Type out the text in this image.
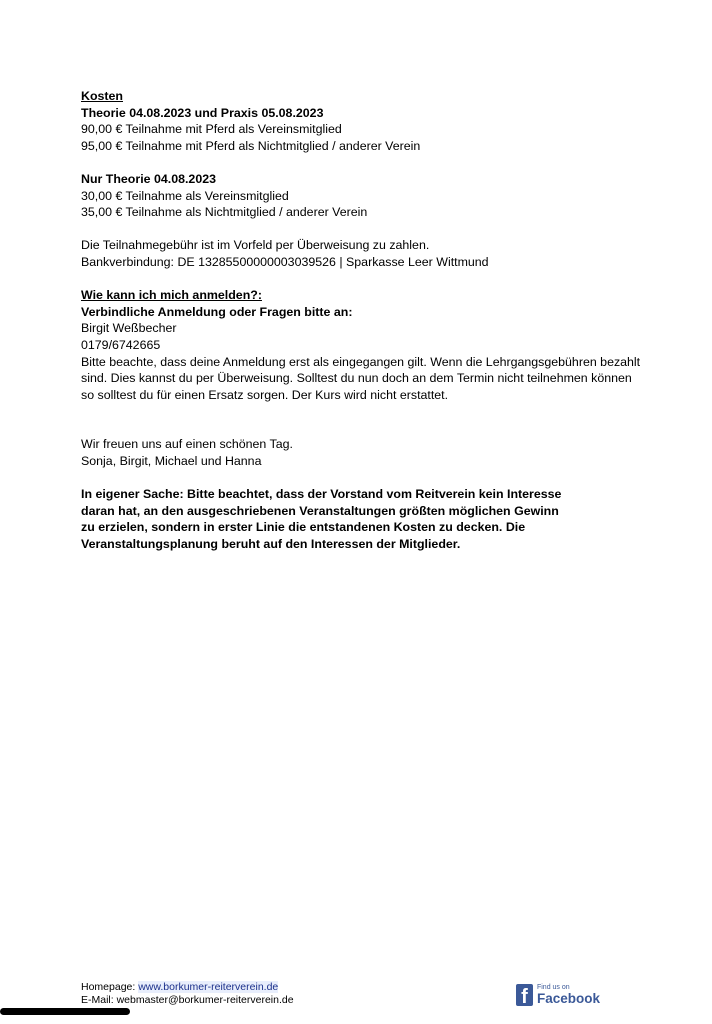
Kosten
Theorie 04.08.2023 und Praxis 05.08.2023
90,00 € Teilnahme mit Pferd als Vereinsmitglied
95,00 € Teilnahme mit Pferd als Nichtmitglied / anderer Verein
Nur Theorie 04.08.2023
30,00 € Teilnahme als Vereinsmitglied
35,00 € Teilnahme als Nichtmitglied / anderer Verein
Die Teilnahmegebühr ist im Vorfeld per Überweisung zu zahlen.
Bankverbindung: DE 13285500000003039526 | Sparkasse Leer Wittmund
Wie kann ich mich anmelden?:
Verbindliche Anmeldung oder Fragen bitte an:
Birgit Weßbecher
0179/6742665
Bitte beachte, dass deine Anmeldung erst als eingegangen gilt. Wenn die Lehrgangsgebühren bezahlt sind. Dies kannst du per Überweisung. Solltest du nun doch an dem Termin nicht teilnehmen können so solltest du für einen Ersatz sorgen. Der Kurs wird nicht erstattet.
Wir freuen uns auf einen schönen Tag.
Sonja, Birgit, Michael und Hanna
In eigener Sache: Bitte beachtet, dass der Vorstand vom Reitverein kein Interesse
daran hat, an den ausgeschriebenen Veranstaltungen größten möglichen Gewinn
zu erzielen, sondern in erster Linie die entstandenen Kosten zu decken. Die
Veranstaltungsplanung beruht auf den Interessen der Mitglieder.
Homepage: www.borkumer-reiterverein.de
E-Mail: webmaster@borkumer-reiterverein.de	f	Find us on
Facebook
